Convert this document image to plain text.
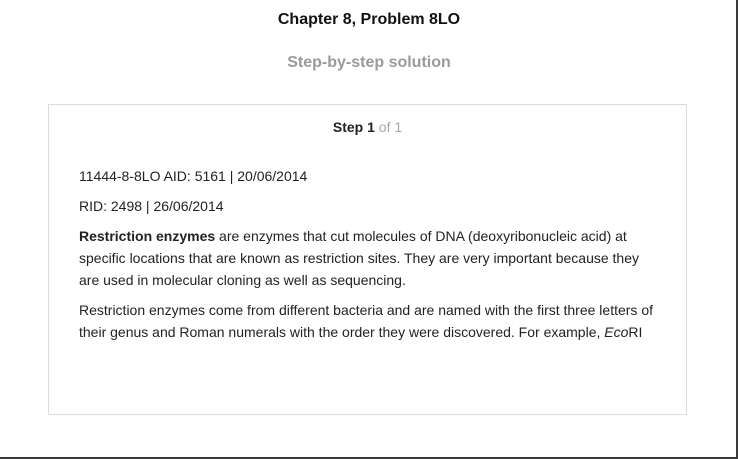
Chapter 8, Problem 8LO
Step-by-step solution
Step 1 of 1

11444-8-8LO AID: 5161 | 20/06/2014

RID: 2498 | 26/06/2014

Restriction enzymes are enzymes that cut molecules of DNA (deoxyribonucleic acid) at specific locations that are known as restriction sites. They are very important because they are used in molecular cloning as well as sequencing.

Restriction enzymes come from different bacteria and are named with the first three letters of their genus and Roman numerals with the order they were discovered. For example, EcoRI
